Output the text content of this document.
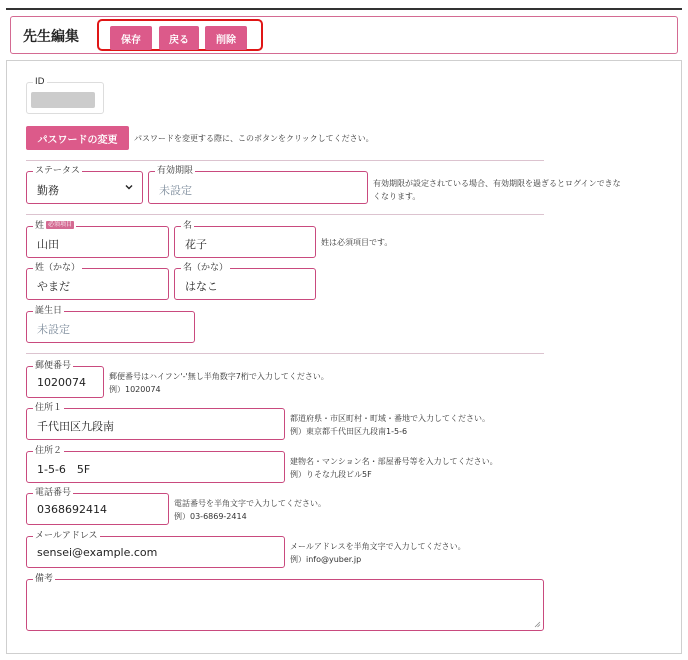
先生編集	保存	戻る	削除
ID
パスワードの変更	パスワードを変更する際に、このボタンをクリックしてください。
ステータス
勤務
有効期限
未設定
有効期限が設定されている場合、有効期限を過ぎるとログインできな
くなります。
姓 必須項目
山田
名
花子	姓は必須項目です。
姓（かな）
やまだ
名（かな）
はなこ
誕生日
未設定
郵便番号
1020074	郵便番号はハイフン'-'無し半角数字7桁で入力してください。
例）1020074
住所１
千代田区九段南
都道府県・市区町村・町域・番地で入力してください。
例）東京都千代田区九段南1-5-6
住所２
1-5-6　5F
建物名・マンション名・部屋番号等を入力してください。
例）りそな九段ビル5F
電話番号
0368692414	電話番号を半角文字で入力してください。
例）03-6869-2414
メールアドレス
sensei@example.com	メールアドレスを半角文字で入力してください。
例）info@yuber.jp
備考
